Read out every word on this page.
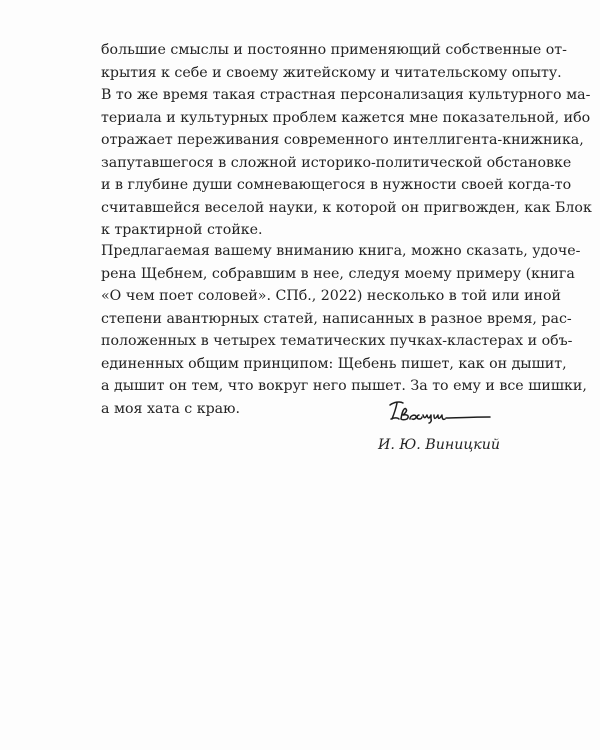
большие смыслы и постоянно применяющий собственные от-
крытия к себе и своему житейскому и читательскому опыту.
В то же время такая страстная персонализация культурного ма-
териала и культурных проблем кажется мне показательной, ибо
отражает переживания современного интеллигента-книжника,
запутавшегося в сложной историко-политической обстановке
и в глубине души сомневающегося в нужности своей когда-то
считавшейся веселой науки, к которой он пригвожден, как Блок
к трактирной стойке.
Предлагаемая вашему вниманию книга, можно сказать, удоче-
рена Щебнем, собравшим в нее, следуя моему примеру (книга
«О чем поет соловей». СПб., 2022) несколько в той или иной
степени авантюрных статей, написанных в разное время, рас-
положенных в четырех тематических пучках-кластерах и объ-
единенных общим принципом: Щебень пишет, как он дышит,
а дышит он тем, что вокруг него пышет. За то ему и все шишки,
а моя хата с краю.
И. Ю. Виницкий
